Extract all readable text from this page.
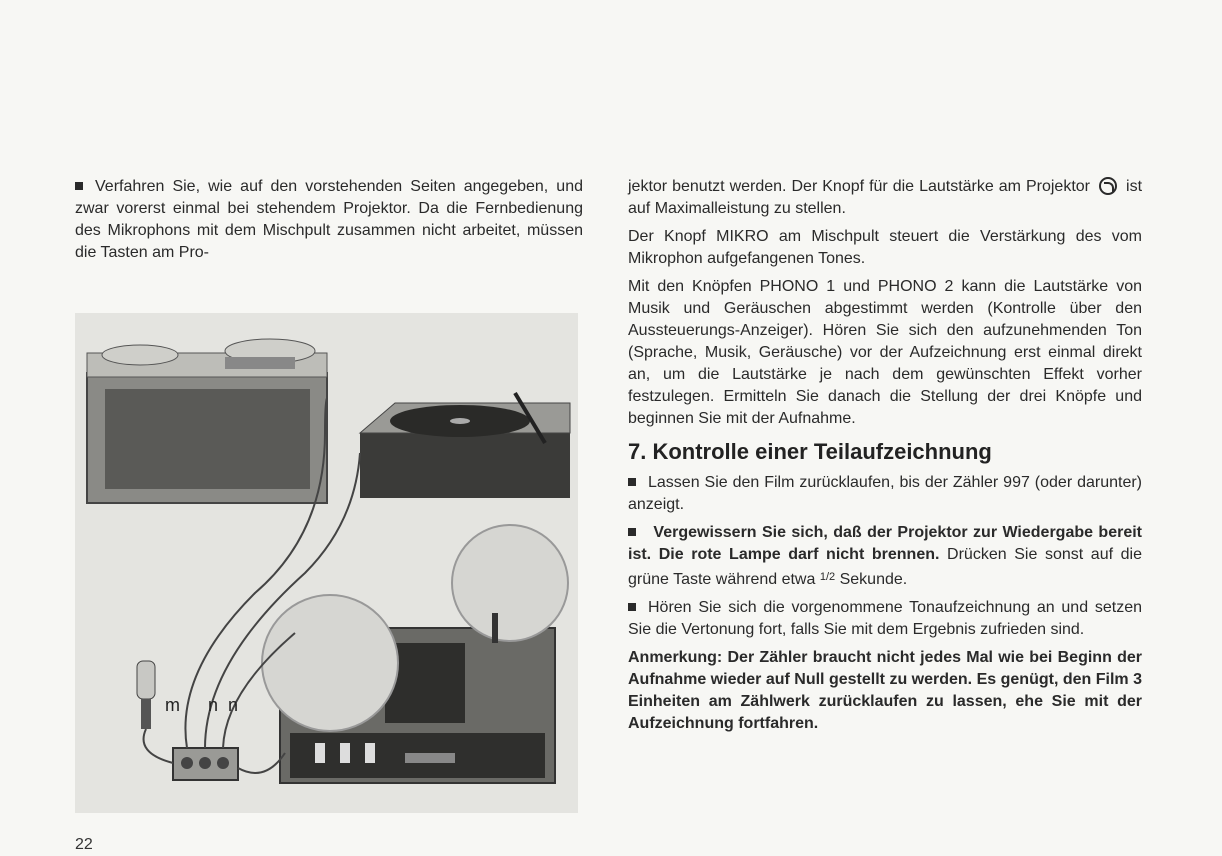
Verfahren Sie, wie auf den vorstehenden Seiten angegeben, und zwar vorerst einmal bei stehendem Projektor. Da die Fernbedienung des Mikrophons mit dem Mischpult zusammen nicht arbeitet, müssen die Tasten am Pro-

m n n

jektor benutzt werden. Der Knopf für die Lautstärke am Projektor ist auf Maximalleistung zu stellen.

Der Knopf MIKRO am Mischpult steuert die Verstärkung des vom Mikrophon aufgefangenen Tones.

Mit den Knöpfen PHONO 1 und PHONO 2 kann die Lautstärke von Musik und Geräuschen abgestimmt werden (Kontrolle über den Aussteuerungs-Anzeiger). Hören Sie sich den aufzunehmenden Ton (Sprache, Musik, Geräusche) vor der Aufzeichnung erst einmal direkt an, um die Lautstärke je nach dem gewünschten Effekt vorher festzulegen. Ermitteln Sie danach die Stellung der drei Knöpfe und beginnen Sie mit der Aufnahme.

7. Kontrolle einer Teilaufzeichnung

Lassen Sie den Film zurücklaufen, bis der Zähler 997 (oder darunter) anzeigt.

Vergewissern Sie sich, daß der Projektor zur Wiedergabe bereit ist. Die rote Lampe darf nicht brennen. Drücken Sie sonst auf die grüne Taste während etwa $^{1/2}$ Sekunde.

Hören Sie sich die vorgenommene Tonaufzeichnung an und setzen Sie die Vertonung fort, falls Sie mit dem Ergebnis zufrieden sind.

Anmerkung: Der Zähler braucht nicht jedes Mal wie bei Beginn der Aufnahme wieder auf Null gestellt zu werden. Es genügt, den Film 3 Einheiten am Zählwerk zurücklaufen zu lassen, ehe Sie mit der Aufzeichnung fortfahren.

22
